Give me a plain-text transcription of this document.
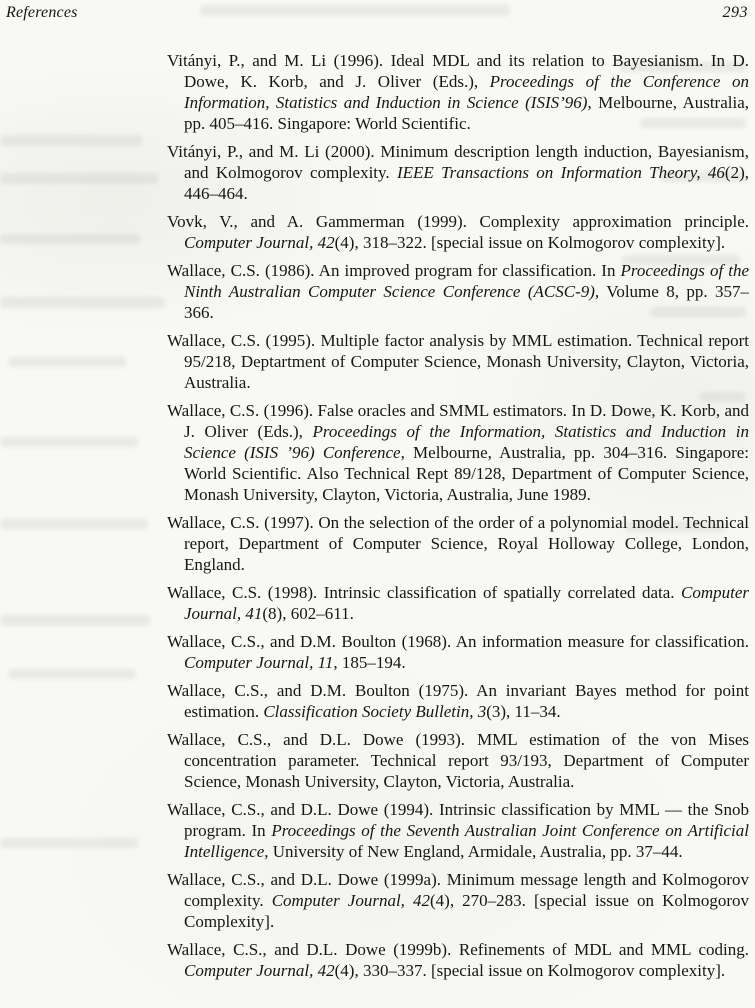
References	293
Vitányi, P., and M. Li (1996). Ideal MDL and its relation to Bayesianism. In D. Dowe, K. Korb, and J. Oliver (Eds.), Proceedings of the Conference on Information, Statistics and Induction in Science (ISIS’96), Melbourne, Australia, pp. 405–416. Singapore: World Scientific.
Vitányi, P., and M. Li (2000). Minimum description length induction, Bayesianism, and Kolmogorov complexity. IEEE Transactions on Information Theory, 46(2), 446–464.
Vovk, V., and A. Gammerman (1999). Complexity approximation principle. Computer Journal, 42(4), 318–322. [special issue on Kolmogorov complexity].
Wallace, C.S. (1986). An improved program for classification. In Proceedings of the Ninth Australian Computer Science Conference (ACSC-9), Volume 8, pp. 357–366.
Wallace, C.S. (1995). Multiple factor analysis by MML estimation. Technical report 95/218, Deptartment of Computer Science, Monash University, Clayton, Victoria, Australia.
Wallace, C.S. (1996). False oracles and SMML estimators. In D. Dowe, K. Korb, and J. Oliver (Eds.), Proceedings of the Information, Statistics and Induction in Science (ISIS ’96) Conference, Melbourne, Australia, pp. 304–316. Singapore: World Scientific. Also Technical Rept 89/128, Department of Computer Science, Monash University, Clayton, Victoria, Australia, June 1989.
Wallace, C.S. (1997). On the selection of the order of a polynomial model. Technical report, Department of Computer Science, Royal Holloway College, London, England.
Wallace, C.S. (1998). Intrinsic classification of spatially correlated data. Computer Journal, 41(8), 602–611.
Wallace, C.S., and D.M. Boulton (1968). An information measure for classification. Computer Journal, 11, 185–194.
Wallace, C.S., and D.M. Boulton (1975). An invariant Bayes method for point estimation. Classification Society Bulletin, 3(3), 11–34.
Wallace, C.S., and D.L. Dowe (1993). MML estimation of the von Mises concentration parameter. Technical report 93/193, Department of Computer Science, Monash University, Clayton, Victoria, Australia.
Wallace, C.S., and D.L. Dowe (1994). Intrinsic classification by MML — the Snob program. In Proceedings of the Seventh Australian Joint Conference on Artificial Intelligence, University of New England, Armidale, Australia, pp. 37–44.
Wallace, C.S., and D.L. Dowe (1999a). Minimum message length and Kolmogorov complexity. Computer Journal, 42(4), 270–283. [special issue on Kolmogorov Complexity].
Wallace, C.S., and D.L. Dowe (1999b). Refinements of MDL and MML coding. Computer Journal, 42(4), 330–337. [special issue on Kolmogorov complexity].
